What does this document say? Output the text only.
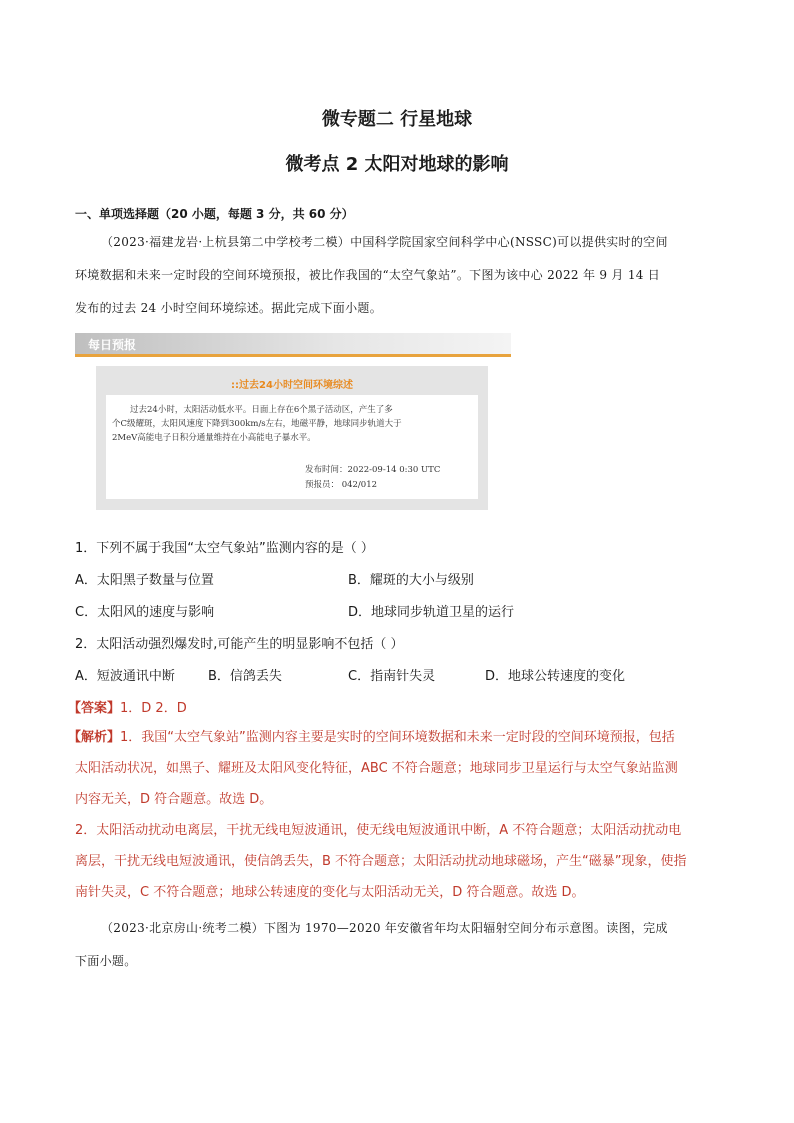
微专题二 行星地球
微考点 2 太阳对地球的影响
一、单项选择题（20 小题，每题 3 分，共 60 分）
（2023·福建龙岩·上杭县第二中学校考二模）中国科学院国家空间科学中心(NSSC)可以提供实时的空间
环境数据和未来一定时段的空间环境预报，被比作我国的“太空气象站”。下图为该中心 2022 年 9 月 14 日
发布的过去 24 小时空间环境综述。据此完成下面小题。
每日预报
::过去24小时空间环境综述
过去24小时，太阳活动低水平。日面上存在6个黑子活动区，产生了多
个C级耀斑，太阳风速度下降到300km/s左右，地磁平静，地球同步轨道大于
2MeV高能电子日积分通量维持在小高能电子暴水平。
发布时间：2022-09-14 0:30 UTC
预报员： 042/012
1．下列不属于我国“太空气象站”监测内容的是（ ）
A．太阳黑子数量与位置	B．耀斑的大小与级别
C．太阳风的速度与影响	D．地球同步轨道卫星的运行
2．太阳活动强烈爆发时,可能产生的明显影响不包括（ ）
A．短波通讯中断	B．信鸽丢失	C．指南针失灵	D．地球公转速度的变化
【答案】1．D 2．D
【解析】1．我国“太空气象站”监测内容主要是实时的空间环境数据和未来一定时段的空间环境预报，包括
太阳活动状况，如黑子、耀班及太阳风变化特征，ABC 不符合题意；地球同步卫星运行与太空气象站监测
内容无关，D 符合题意。故选 D。
2．太阳活动扰动电离层，干扰无线电短波通讯，使无线电短波通讯中断，A 不符合题意；太阳活动扰动电
离层，干扰无线电短波通讯，使信鸽丢失，B 不符合题意；太阳活动扰动地球磁场，产生“磁暴”现象，使指
南针失灵，C 不符合题意；地球公转速度的变化与太阳活动无关，D 符合题意。故选 D。
（2023·北京房山·统考二模）下图为 1970—2020 年安徽省年均太阳辐射空间分布示意图。读图，完成
下面小题。
